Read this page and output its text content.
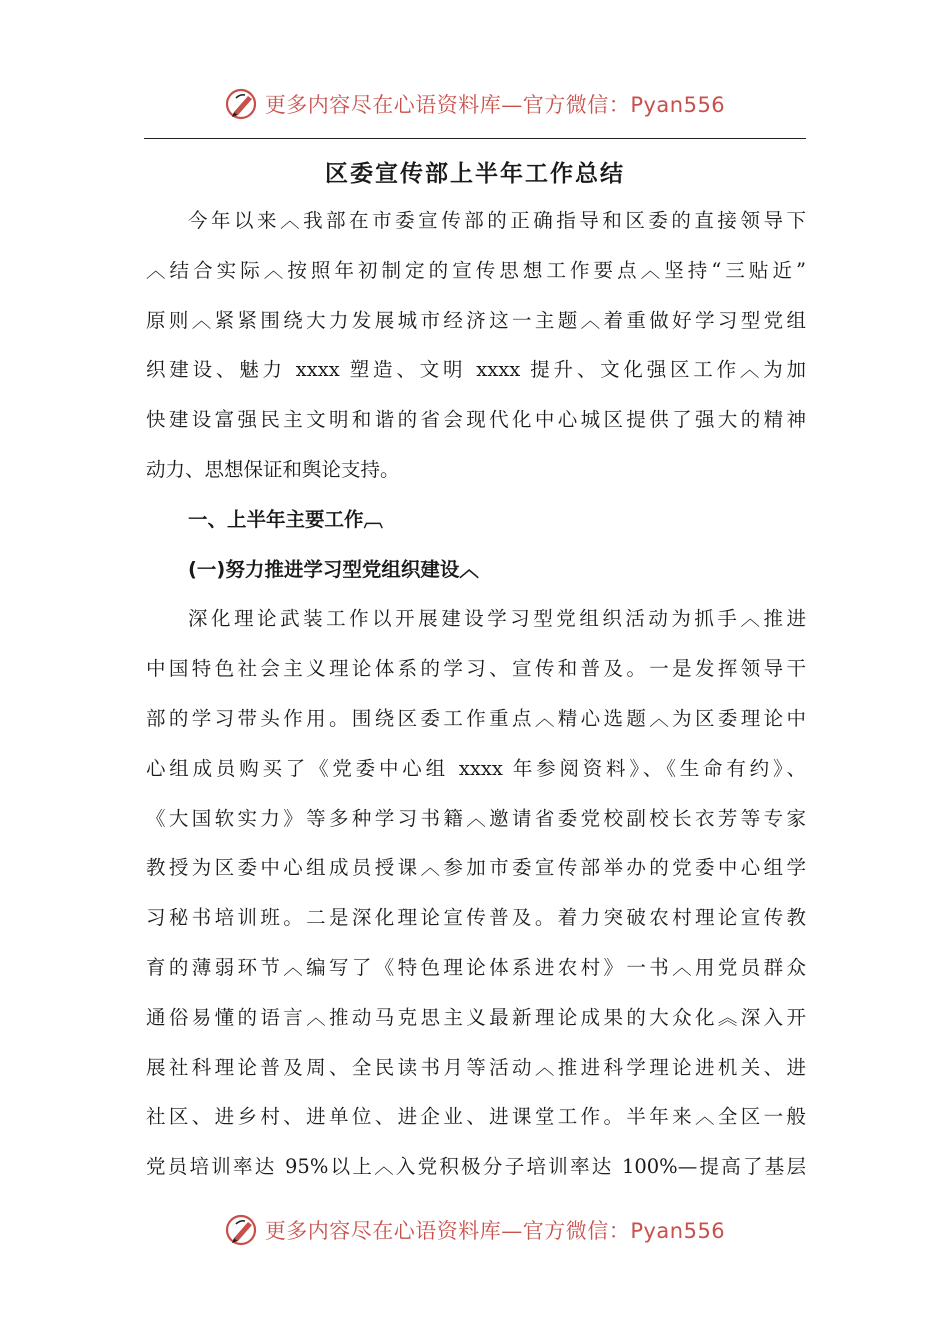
更多内容尽在心语资料库—官方微信：Pyan556
区委宣传部上半年工作总结
今年以来︿我部在市委宣传部的正确指导和区委的直接领导下
︿结合实际︿按照年初制定的宣传思想工作要点︿坚持“三贴近”
原则︿紧紧围绕大力发展城市经济这一主题︿着重做好学习型党组
织建设、魅力 xxxx 塑造、文明 xxxx 提升、文化强区工作︿为加
快建设富强民主文明和谐的省会现代化中心城区提供了强大的精神
动力、思想保证和舆论支持。
一、上半年主要工作︹
(一)努力推进学习型党组织建设︿
深化理论武装工作以开展建设学习型党组织活动为抓手︿推进
中国特色社会主义理论体系的学习、宣传和普及。一是发挥领导干
部的学习带头作用。围绕区委工作重点︿精心选题︿为区委理论中
心组成员购买了《党委中心组 xxxx 年参阅资料》、《生命有约》、
《大国软实力》等多种学习书籍︿邀请省委党校副校长衣芳等专家
教授为区委中心组成员授课︿参加市委宣传部举办的党委中心组学
习秘书培训班。二是深化理论宣传普及。着力突破农村理论宣传教
育的薄弱环节︿编写了《特色理论体系进农村》一书︿用党员群众
通俗易懂的语言︿推动马克思主义最新理论成果的大众化︽深入开
展社科理论普及周、全民读书月等活动︿推进科学理论进机关、进
社区、进乡村、进单位、进企业、进课堂工作。半年来︿全区一般
党员培训率达 95%以上︿入党积极分子培训率达 100%—提高了基层
更多内容尽在心语资料库—官方微信：Pyan556
